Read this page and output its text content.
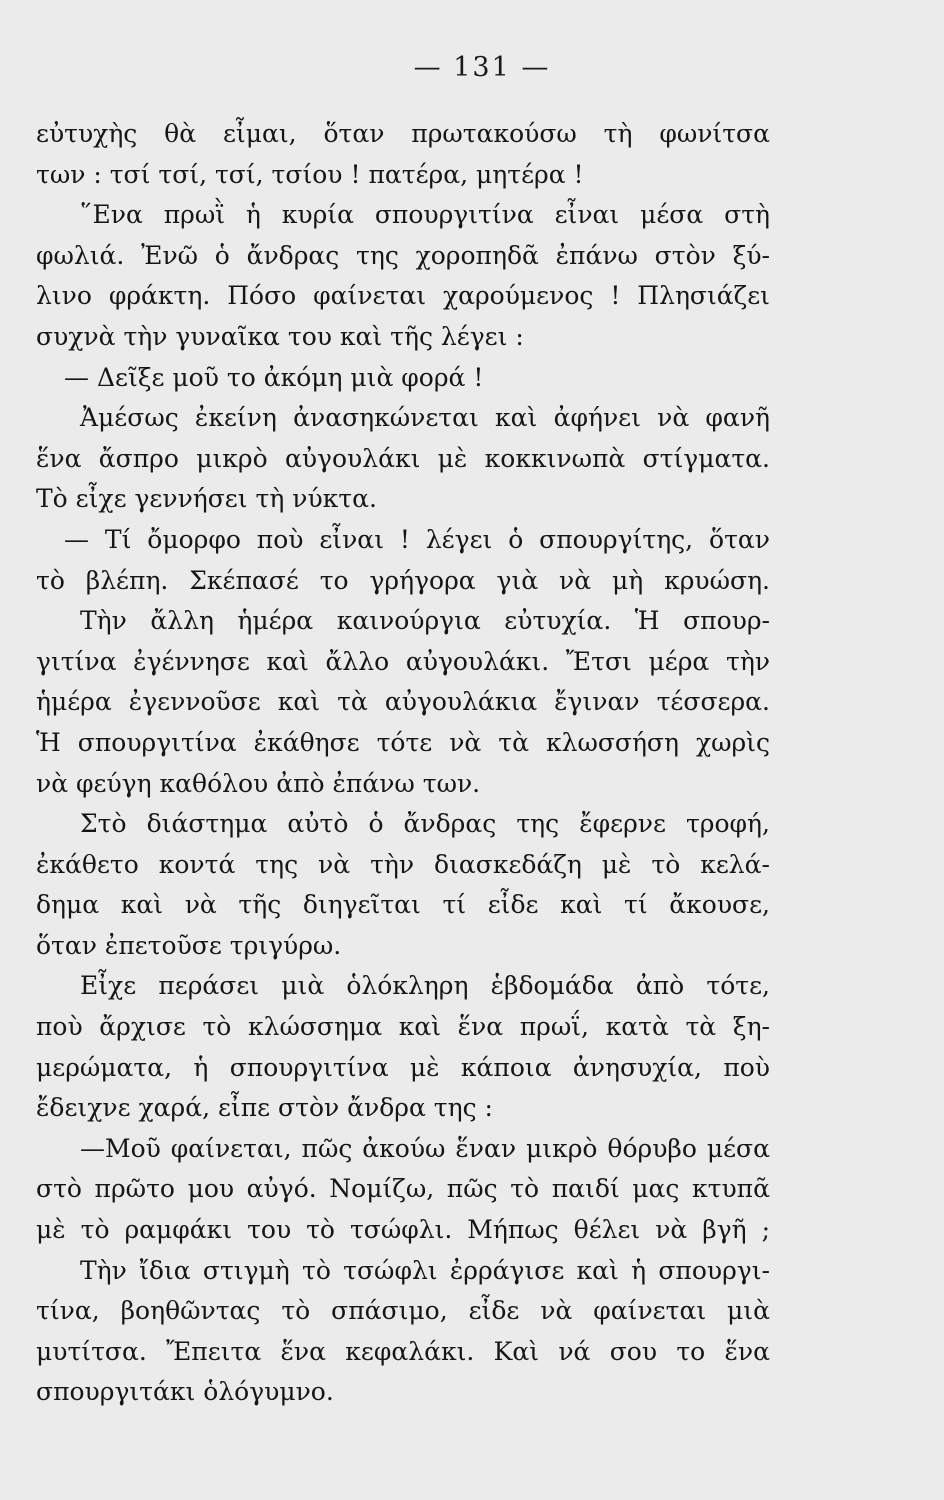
— 131 —
εὐτυχὴς θὰ εἶμαι, ὅταν πρωτακούσω τὴ φωνίτσα
των : τσί τσί, τσί, τσίου ! πατέρα, μητέρα !
῞Ενα πρωῒ ἡ κυρία σπουργιτίνα εἶναι μέσα στὴ
φωλιά. Ἐνῶ ὁ ἄνδρας της χοροπηδᾶ ἐπάνω στὸν ξύ-
λινο φράκτη. Πόσο φαίνεται χαρούμενος ! Πλησιάζει
συχνὰ τὴν γυναῖκα του καὶ τῆς λέγει :
— Δεῖξε μοῦ το ἀκόμη μιὰ φορά !
Ἀμέσως ἐκείνη ἀνασηκώνεται καὶ ἀφήνει νὰ φανῆ
ἕνα ἄσπρο μικρὸ αὐγουλάκι μὲ κοκκινωπὰ στίγματα.
Τὸ εἶχε γεννήσει τὴ νύκτα.
— Τί ὄμορφο ποὺ εἶναι ! λέγει ὁ σπουργίτης, ὅταν
τὸ βλέπη. Σκέπασέ το γρήγορα γιὰ νὰ μὴ κρυώση.
Τὴν ἄλλη ἡμέρα καινούργια εὐτυχία. Ἡ σπουρ-
γιτίνα ἐγέννησε καὶ ἄλλο αὐγουλάκι. Ἔτσι μέρα τὴν
ἡμέρα ἐγεννοῦσε καὶ τὰ αὐγουλάκια ἔγιναν τέσσερα.
Ἡ σπουργιτίνα ἐκάθησε τότε νὰ τὰ κλωσσήση χωρὶς
νὰ φεύγη καθόλου ἀπὸ ἐπάνω των.
Στὸ διάστημα αὐτὸ ὁ ἄνδρας της ἔφερνε τροφή,
ἐκάθετο κοντά της νὰ τὴν διασκεδάζη μὲ τὸ κελά-
δημα καὶ νὰ τῆς διηγεῖται τί εἶδε καὶ τί ἄκουσε,
ὅταν ἐπετοῦσε τριγύρω.
Εἶχε περάσει μιὰ ὁλόκληρη ἑβδομάδα ἀπὸ τότε,
ποὺ ἄρχισε τὸ κλώσσημα καὶ ἕνα πρωΐ, κατὰ τὰ ξη-
μερώματα, ἡ σπουργιτίνα μὲ κάποια ἀνησυχία, ποὺ
ἔδειχνε χαρά, εἶπε στὸν ἄνδρα της :
—Μοῦ φαίνεται, πῶς ἀκούω ἕναν μικρὸ θόρυβο μέσα
στὸ πρῶτο μου αὐγό. Νομίζω, πῶς τὸ παιδί μας κτυπᾶ
μὲ τὸ ραμφάκι του τὸ τσώφλι. Μήπως θέλει νὰ βγῆ ;
Τὴν ἴδια στιγμὴ τὸ τσώφλι ἐρράγισε καὶ ἡ σπουργι-
τίνα, βοηθῶντας τὸ σπάσιμο, εἶδε νὰ φαίνεται μιὰ
μυτίτσα. Ἔπειτα ἕνα κεφαλάκι. Καὶ νά σου το ἕνα
σπουργιτάκι ὁλόγυμνο.
